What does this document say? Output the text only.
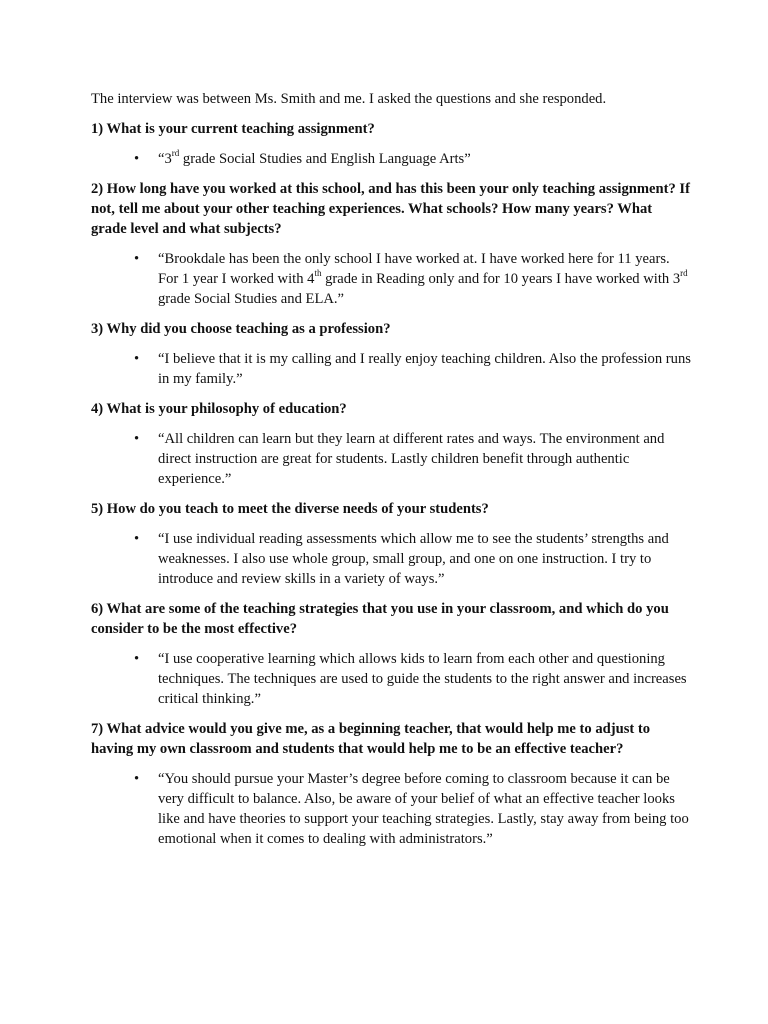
The interview was between Ms. Smith and me. I asked the questions and she responded.

1) What is your current teaching assignment?

• “3rd grade Social Studies and English Language Arts”

2) How long have you worked at this school, and has this been your only teaching assignment? If not, tell me about your other teaching experiences. What schools? How many years? What grade level and what subjects?

• “Brookdale has been the only school I have worked at. I have worked here for 11 years. For 1 year I worked with 4th grade in Reading only and for 10 years I have worked with 3rd grade Social Studies and ELA.”

3) Why did you choose teaching as a profession?

• “I believe that it is my calling and I really enjoy teaching children. Also the profession runs in my family.”

4) What is your philosophy of education?

• “All children can learn but they learn at different rates and ways. The environment and direct instruction are great for students. Lastly children benefit through authentic experience.”

5) How do you teach to meet the diverse needs of your students?

• “I use individual reading assessments which allow me to see the students’ strengths and weaknesses. I also use whole group, small group, and one on one instruction. I try to introduce and review skills in a variety of ways.”

6) What are some of the teaching strategies that you use in your classroom, and which do you consider to be the most effective?

• “I use cooperative learning which allows kids to learn from each other and questioning techniques. The techniques are used to guide the students to the right answer and increases critical thinking.”

7) What advice would you give me, as a beginning teacher, that would help me to adjust to having my own classroom and students that would help me to be an effective teacher?

• “You should pursue your Master’s degree before coming to classroom because it can be very difficult to balance. Also, be aware of your belief of what an effective teacher looks like and have theories to support your teaching strategies. Lastly, stay away from being too emotional when it comes to dealing with administrators.”
